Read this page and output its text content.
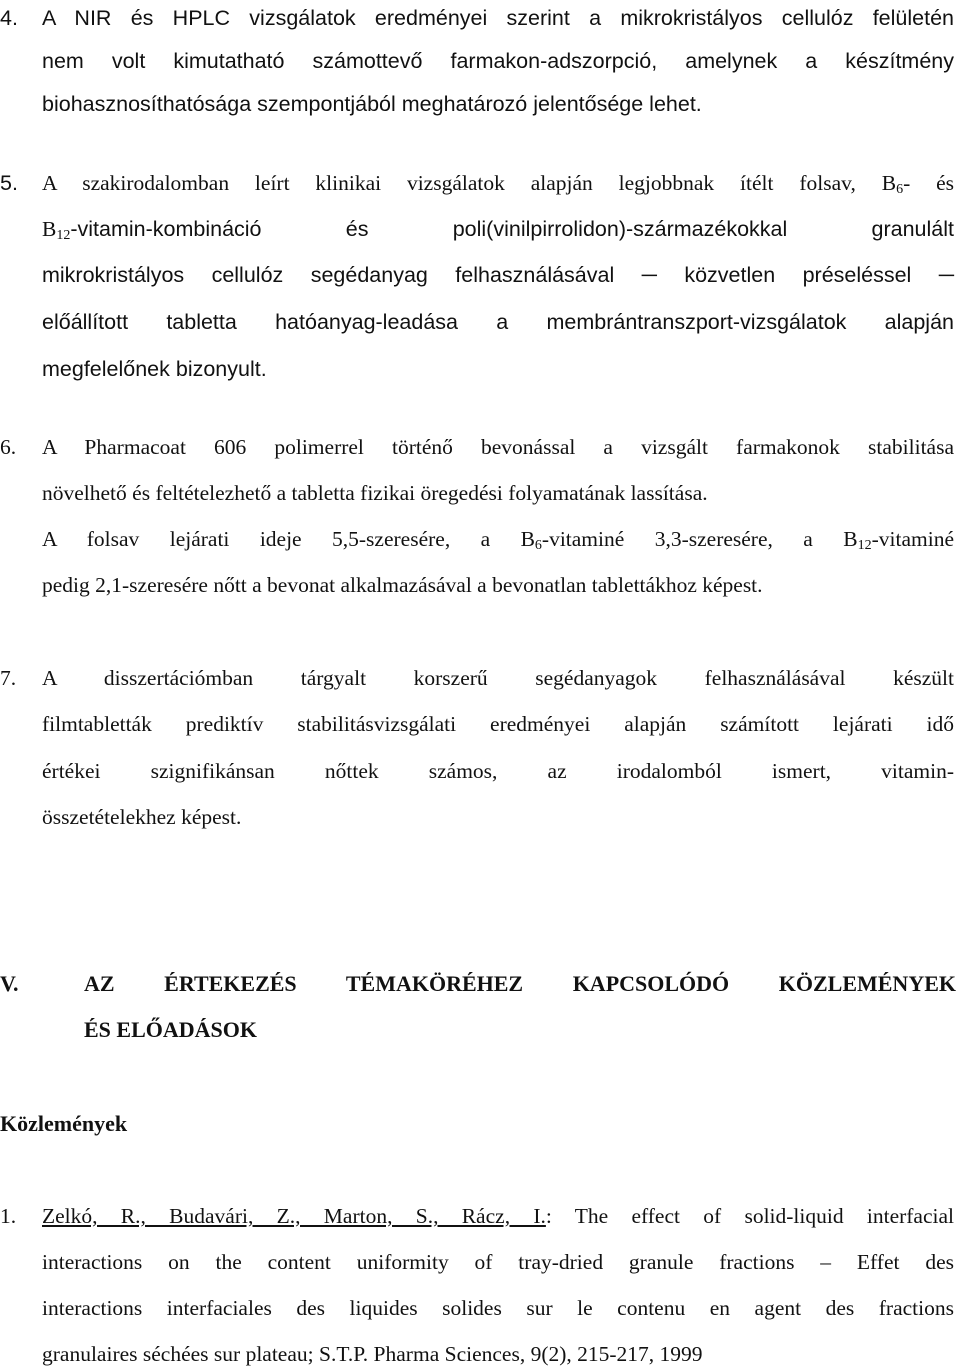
4. A NIR és HPLC vizsgálatok eredményei szerint a mikrokristályos cellulóz felületén
nem volt kimutatható számottevő farmakon-adszorpció, amelynek a készítmény
biohasznosíthatósága szempontjából meghatározó jelentősége lehet.
5. A szakirodalomban leírt klinikai vizsgálatok alapján legjobbnak ítélt folsav, $B_6-$ és
$B_{12}-vitamin$-kombináció és poli(vinilpirrolidon)-származékokkal granulált
mikrokristályos cellulóz segédanyag felhasználásával ─ közvetlen préseléssel ─
előállított tabletta hatóanyag-leadása a membrántranszport-vizsgálatok alapján
megfelelőnek bizonyult.
6. A Pharmacoat 606 polimerrel történő bevonással a vizsgált farmakonok stabilitása
növelhető és feltételezhető a tabletta fizikai öregedési folyamatának lassítása.
A folsav lejárati ideje 5,5-szeresére, a $B_6$-vitaminé 3,3-szeresére, a $B_{12}$-vitaminé
pedig 2,1-szeresére nőtt a bevonat alkalmazásával a bevonatlan tablettákhoz képest.
7. A disszertációmban tárgyalt korszerű segédanyagok felhasználásával készült
filmtabletták prediktív stabilitásvizsgálati eredményei alapján számított lejárati idő
értékei szignifikánsan nőttek számos, az irodalomból ismert, vitamin-
összetételekhez képest.
V.	AZ ÉRTEKEZÉS TÉMAKÖRÉHEZ KAPCSOLÓDÓ KÖZLEMÉNYEK
ÉS ELŐADÁSOK
Közlemények
1. Zelkó, R., Budavári, Z., Marton, S., Rácz, I.: The effect of solid-liquid interfacial
interactions on the content uniformity of tray-dried granule fractions – Effet des
interactions interfaciales des liquides solides sur le contenu en agent des fractions
granulaires séchées sur plateau; S.T.P. Pharma Sciences, 9(2), 215-217, 1999
